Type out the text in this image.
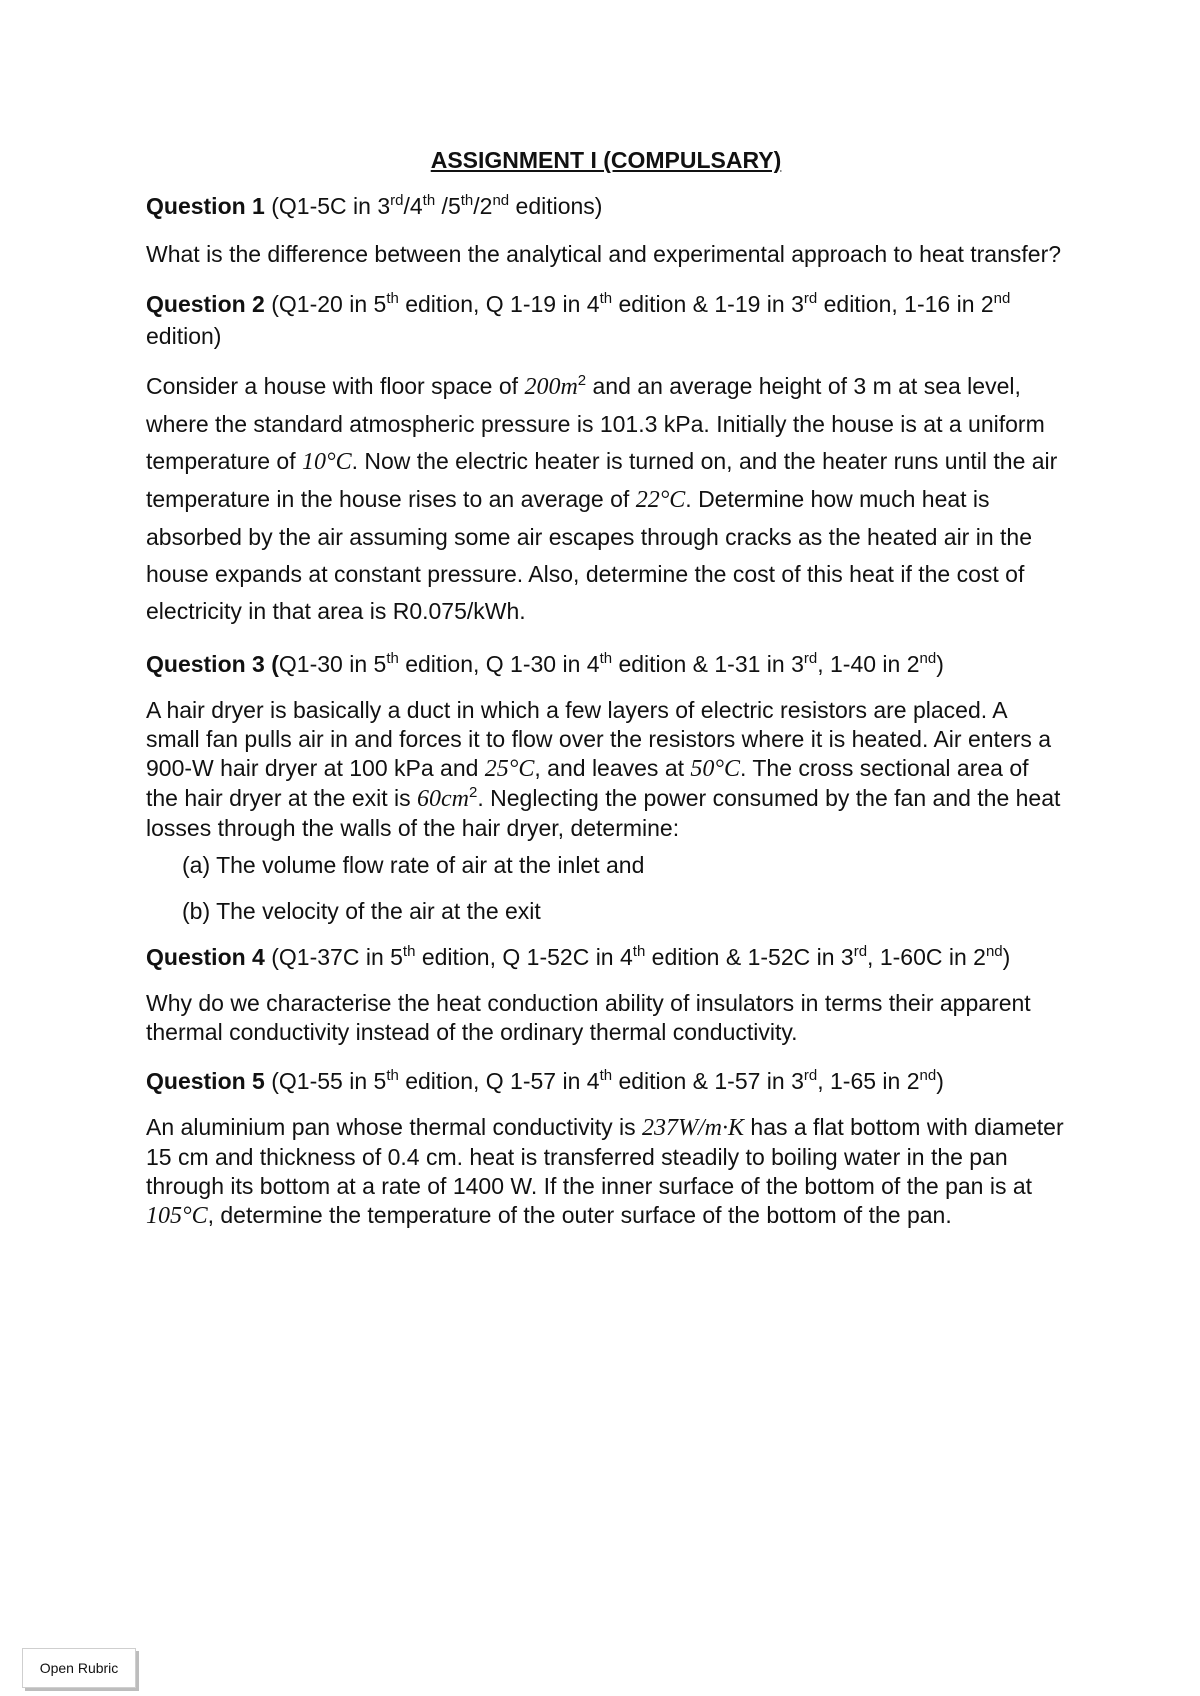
ASSIGNMENT I (COMPULSARY)
Question 1 (Q1-5C in 3rd/4th /5th/2nd editions)

What is the difference between the analytical and experimental approach to heat transfer?

Question 2 (Q1-20 in 5th edition, Q 1-19 in 4th edition & 1-19 in 3rd edition, 1-16 in 2nd edition)

Consider a house with floor space of $200m^2$ and an average height of 3 m at sea level, where the standard atmospheric pressure is 101.3 kPa. Initially the house is at a uniform temperature of 10°C. Now the electric heater is turned on, and the heater runs until the air temperature in the house rises to an average of 22°C. Determine how much heat is absorbed by the air assuming some air escapes through cracks as the heated air in the house expands at constant pressure. Also, determine the cost of this heat if the cost of electricity in that area is R0.075/kWh.

Question 3 (Q1-30 in 5th edition, Q 1-30 in 4th edition & 1-31 in 3rd, 1-40 in 2nd)

A hair dryer is basically a duct in which a few layers of electric resistors are placed. A small fan pulls air in and forces it to flow over the resistors where it is heated. Air enters a 900-W hair dryer at 100 kPa and 25°C, and leaves at 50°C. The cross sectional area of the hair dryer at the exit is $60cm^2$. Neglecting the power consumed by the fan and the heat losses through the walls of the hair dryer, determine:

(a) The volume flow rate of air at the inlet and
(b) The velocity of the air at the exit
Question 4 (Q1-37C in 5th edition, Q 1-52C in 4th edition & 1-52C in 3rd, 1-60C in 2nd)

Why do we characterise the heat conduction ability of insulators in terms their apparent thermal conductivity instead of the ordinary thermal conductivity.

Question 5 (Q1-55 in 5th edition, Q 1-57 in 4th edition & 1-57 in 3rd, 1-65 in 2nd)

An aluminium pan whose thermal conductivity is 237W/m·K has a flat bottom with diameter 15 cm and thickness of 0.4 cm. heat is transferred steadily to boiling water in the pan through its bottom at a rate of 1400 W. If the inner surface of the bottom of the pan is at 105°C, determine the temperature of the outer surface of the bottom of the pan.

Open Rubric
